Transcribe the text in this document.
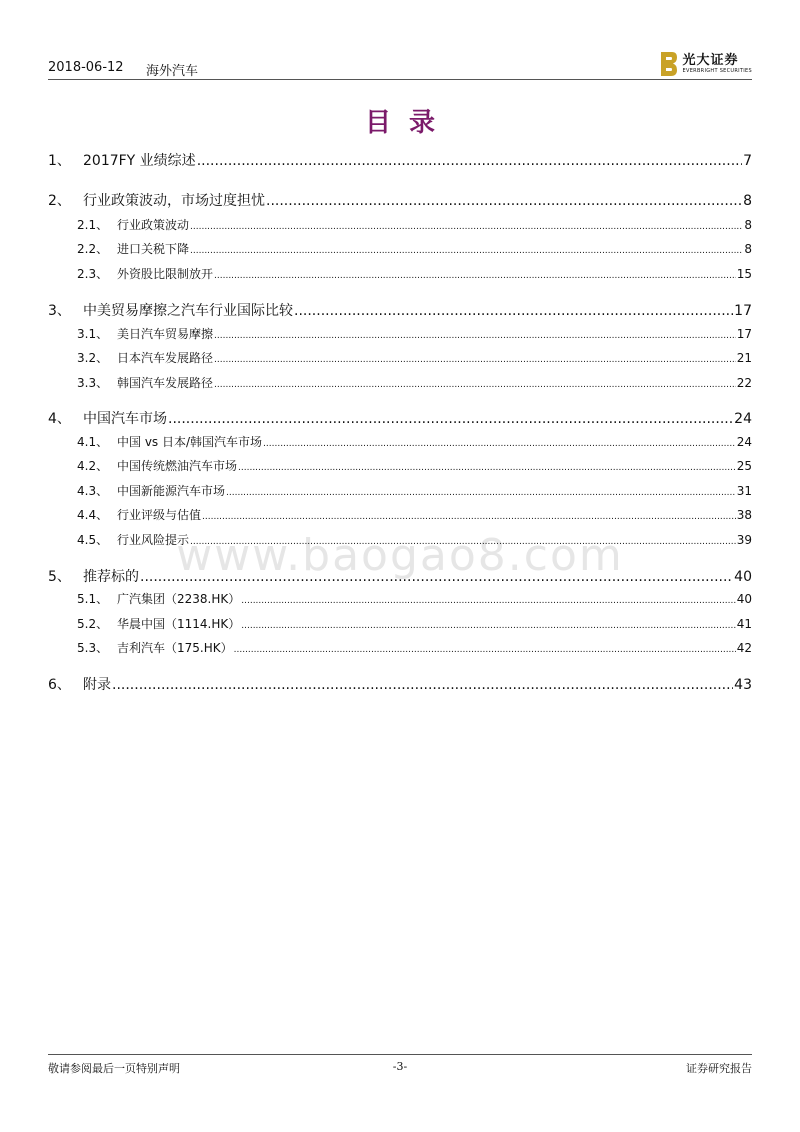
2018-06-12 海外汽车
光大证券
EVERBRIGHT SECURITIES
目录
www.baogao8.com
1、 2017FY 业绩综述 .....	7
2、 行业政策波动，市场过度担忧 .....	8
2.1、 行业政策波动 .....	8
2.2、 进口关税下降 .....	8
2.3、 外资股比限制放开 .....	15
3、 中美贸易摩擦之汽车行业国际比较 .....	17
3.1、 美日汽车贸易摩擦 .....	17
3.2、 日本汽车发展路径 .....	21
3.3、 韩国汽车发展路径 .....	22
4、 中国汽车市场 .....	24
4.1、 中国 vs 日本/韩国汽车市场 .....	24
4.2、 中国传统燃油汽车市场 .....	25
4.3、 中国新能源汽车市场 .....	31
4.4、 行业评级与估值 .....	38
4.5、 行业风险提示 .....	39
5、 推荐标的 .....	40
5.1、 广汽集团（2238.HK） .....	40
5.2、 华晨中国（1114.HK） .....	41
5.3、 吉利汽车（175.HK） .....	42
6、 附录 .....	43
敬请参阅最后一页特别声明	-3-	证券研究报告
